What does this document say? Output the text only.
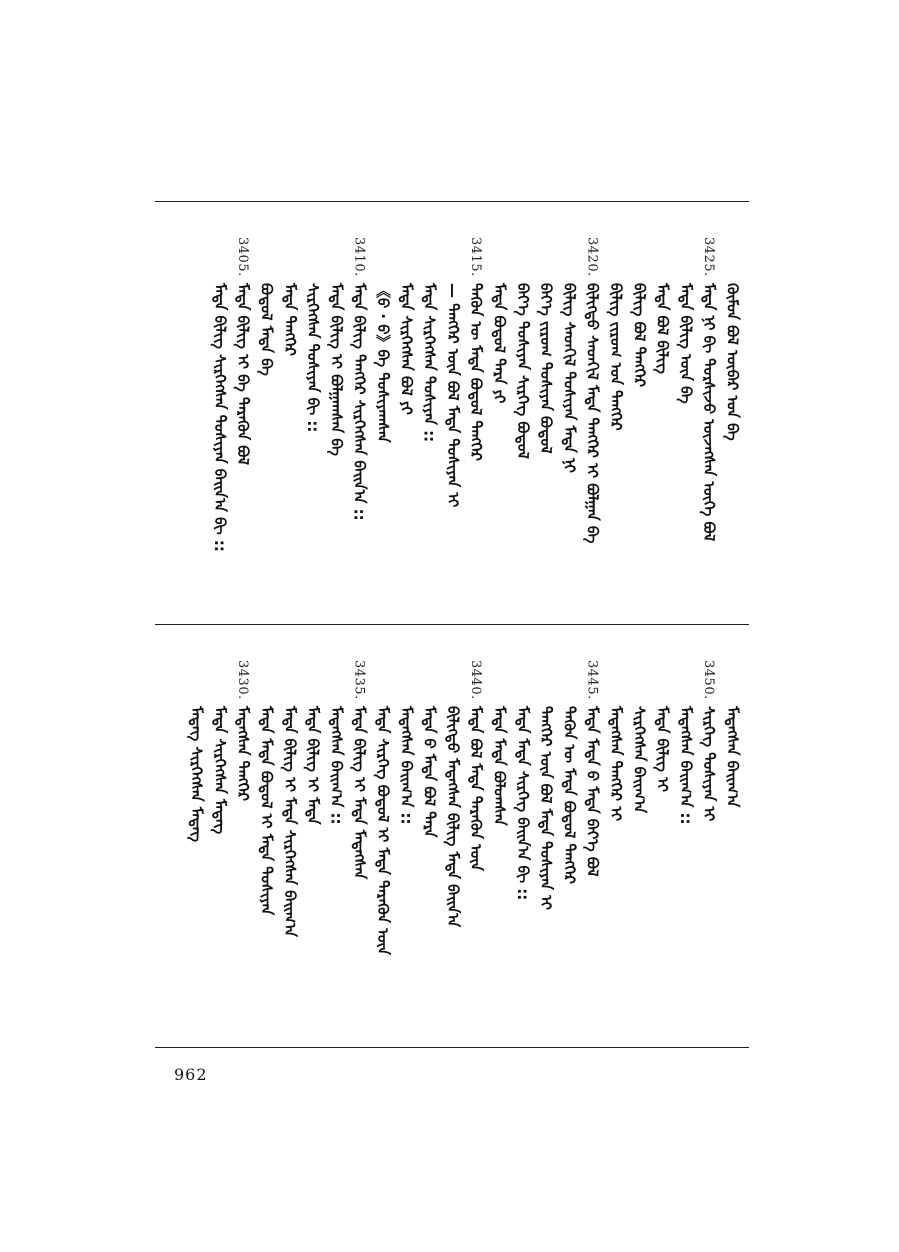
ᠬᠦᠮᠦᠨ ᠪᠣᠯ ᠥᠪᠡᠷ ᠤᠨ ᠪᠠ
3425.
ᠮᠡᠳᠡ ᠨᠢ ᠪᠢ ᠲᠤᠷᠰᠢᠵᠤ ᠦᠵᠡᠭᠰᠡᠨ ᠦᠭᠡ ᠪᠣᠯ
ᠮᠡᠳᠡ ᠪᠢᠯᠢᠭ ᠦᠨ ᠪᠠ
ᠮᠡᠳᠡ ᠪᠣᠯ ᠪᠢᠯᠢᠭ
ᠪᠢᠯᠢᠭ ᠪᠣᠯ ᠲᠡᠩᠭᠡᠷ
ᠪᠢᠯᠢᠭ ᠵᠢᠷᠤᠭ ᠤᠨ ᠲᠡᠩᠭᠡᠷ
3420.
ᠪᠢᠯᠢᠭᠲᠦ ᠰᠡᠳᠬᠢᠯ ᠮᠡᠳᠡ ᠲᠡᠩᠭᠡᠷ ᠢ ᠪᠣᠯᠭᠠᠨ ᠪᠠ
ᠪᠢᠯᠢᠭ ᠰᠡᠳᠬᠢᠯ ᠲᠤᠰᠢᠶᠠᠨ ᠮᠡᠳᠡ ᠨᠢ
ᠪᠡᠶ᠎ᠡ ᠵᠢᠷᠤᠭ ᠲᠤᠰᠢᠶᠠᠨ ᠪᠣᠳᠤᠯ
ᠪᠡᠶ᠎ᠡ ᠲᠤᠰᠢᠶᠠᠨ ᠰᠢᠷᠭᠡᠭ ᠪᠣᠳᠤᠯ
ᠮᠡᠳᠡ ᠪᠣᠳᠤᠯ ᠲᠡᠷᠡ ᠶᠢ
3415.
ᠲᠡᠭᠦᠨ ᠦ ᠮᠡᠳᠡ ᠪᠣᠳᠤᠯ ᠲᠡᠩᠭᠡᠷ
— ᠲᠡᠩᠭᠡᠷ ᠦᠨ ᠪᠣᠯ ᠮᠡᠳᠡ ᠲᠤᠰᠢᠶᠠᠨ ᠢ
ᠮᠡᠳᠡ ᠰᠢᠷᠭᠡᠭᠰᠡᠨ ᠲᠤᠰᠢᠶᠠᠨ ::
ᠮᠡᠳᠡ ᠰᠢᠷᠭᠡᠭᠰᠡᠨ ᠪᠣᠯ ᠶᠢ
《ᠪ · ᠪ》ᠪᠠ ᠲᠤᠰᠢᠶᠠᠭᠰᠠᠨ
3410.
ᠮᠡᠳᠡ ᠪᠢᠯᠢᠭ ᠲᠡᠩᠭᠡᠷ ᠰᠢᠷᠭᠡᠭᠰᠡᠨ ᠪᠠᠢ᠌ᠨ᠎ᠠ ::
ᠮᠡᠳᠡ ᠪᠢᠯᠢᠭ ᠢ ᠪᠣᠯᠭᠠᠭᠰᠠᠨ ᠪᠠ
ᠰᠢᠷᠭᠡᠭᠰᠡᠨ ᠲᠤᠰᠢᠶᠠᠨ ᠪᠢ ::
ᠮᠡᠳᠡ ᠲᠡᠩᠭᠡᠷ
ᠪᠣᠳᠤᠯ ᠮᠡᠳᠡ ᠪᠠ
3405.
ᠮᠡᠳᠡ ᠪᠢᠯᠢᠭ ᠢ ᠪᠠ ᠲᠡᠷᠡᠭᠦᠨ ᠪᠣᠯ
ᠮᠡᠳᠡ ᠪᠢᠯᠢᠭ ᠰᠢᠷᠭᠡᠭᠰᠡᠨ ᠲᠤᠰᠢᠶᠠᠨ ᠪᠠᠢ᠌ᠨ᠎ᠠ ᠪᠢ ::
ᠮᠡᠳᠡᠭᠰᠡᠨ ᠪᠠᠢ᠌ᠭ᠎ᠠ
3450.
ᠰᠢᠷᠭᠡᠭ ᠲᠤᠰᠢᠶᠠᠨ ᠢ
ᠮᠡᠳᠡᠭᠰᠡᠨ ᠪᠠᠢ᠌ᠭ᠎ᠠ ::
ᠮᠡᠳᠡ ᠪᠢᠯᠢᠭ ᠢ
ᠰᠢᠷᠭᠡᠭᠰᠡᠨ ᠪᠠᠢ᠌ᠭ᠎ᠠ
ᠮᠡᠳᠡᠭᠰᠡᠨ ᠲᠡᠩᠭᠡᠷ ᠢ
3445.
ᠮᠡᠳᠡ ᠮᠡᠳᠡ ᠪ ᠮᠡᠳᠡ ᠪᠡᠶ᠎ᠡ ᠪᠣᠯ
ᠲᠡᠭᠦᠨ ᠦ ᠮᠡᠳᠡ ᠪᠣᠳᠤᠯ ᠲᠡᠩᠭᠡᠷ
ᠲᠡᠩᠭᠡᠷ ᠦᠨ ᠪᠣᠯ ᠮᠡᠳᠡ ᠲᠤᠰᠢᠶᠠᠨ ᠢ
ᠮᠡᠳᠡ ᠮᠡᠳᠡ ᠰᠢᠷᠭᠡᠭ ᠪᠠᠢ᠌ᠨ᠎ᠠ ᠪᠢ ::
ᠮᠡᠳᠡ ᠮᠡᠳᠡ ᠪᠣᠯᠤᠭᠰᠠᠨ
3440.
ᠮᠡᠳᠡ ᠪᠣᠯ ᠮᠡᠳᠡ ᠲᠡᠷᠡᠭᠦᠨ ᠦᠨ
ᠪᠢᠯᠢᠭᠲᠦ ᠮᠡᠳᠡᠭᠰᠡᠨ ᠪᠢᠯᠢᠭ ᠮᠡᠳᠡ ᠪᠠᠢ᠌ᠨ᠎ᠠ
ᠮᠡᠳᠡ ᠪ ᠮᠡᠳᠡ ᠪᠣᠯ ᠲᠡᠷᠡ
ᠮᠡᠳᠡᠭᠰᠡᠨ ᠪᠠᠢ᠌ᠭ᠎ᠠ ::
ᠮᠡᠳᠡ ᠰᠢᠷᠭᠡᠭ ᠪᠣᠳᠤᠯ ᠢ ᠮᠡᠳᠡ ᠲᠡᠷᠡᠭᠦᠨ ᠦᠨ
3435.
ᠮᠡᠳᠡ ᠪᠢᠯᠢᠭ ᠢ ᠮᠡᠳᠡ ᠮᠡᠳᠡᠭᠰᠡᠨ
ᠮᠡᠳᠡᠭᠰᠡᠨ ᠪᠠᠢ᠌ᠭ᠎ᠠ ::
ᠮᠡᠳᠡ ᠪᠢᠯᠢᠭ ᠢ ᠮᠡᠳᠡ
ᠮᠡᠳᠡ ᠪᠢᠯᠢᠭ ᠢ ᠮᠡᠳᠡ ᠰᠢᠷᠭᠡᠭᠰᠡᠨ ᠪᠠᠢ᠌ᠭ᠎ᠠ
ᠮᠡᠳᠡ ᠮᠡᠳᠡ ᠪᠣᠳᠤᠯ ᠢ ᠮᠡᠳᠡ ᠲᠤᠰᠢᠶᠠᠨ
3430.
ᠮᠡᠳᠡᠭᠰᠡᠨ ᠲᠡᠩᠭᠡᠷ
ᠮᠡᠳᠡ ᠰᠢᠷᠭᠡᠭᠰᠡᠨ ᠮᠡᠳᠡᠭ
ᠮᠡᠳᠡᠭ ᠰᠢᠷᠭᠡᠭᠰᠡᠨ ᠮᠡᠳᠡᠭ
962
